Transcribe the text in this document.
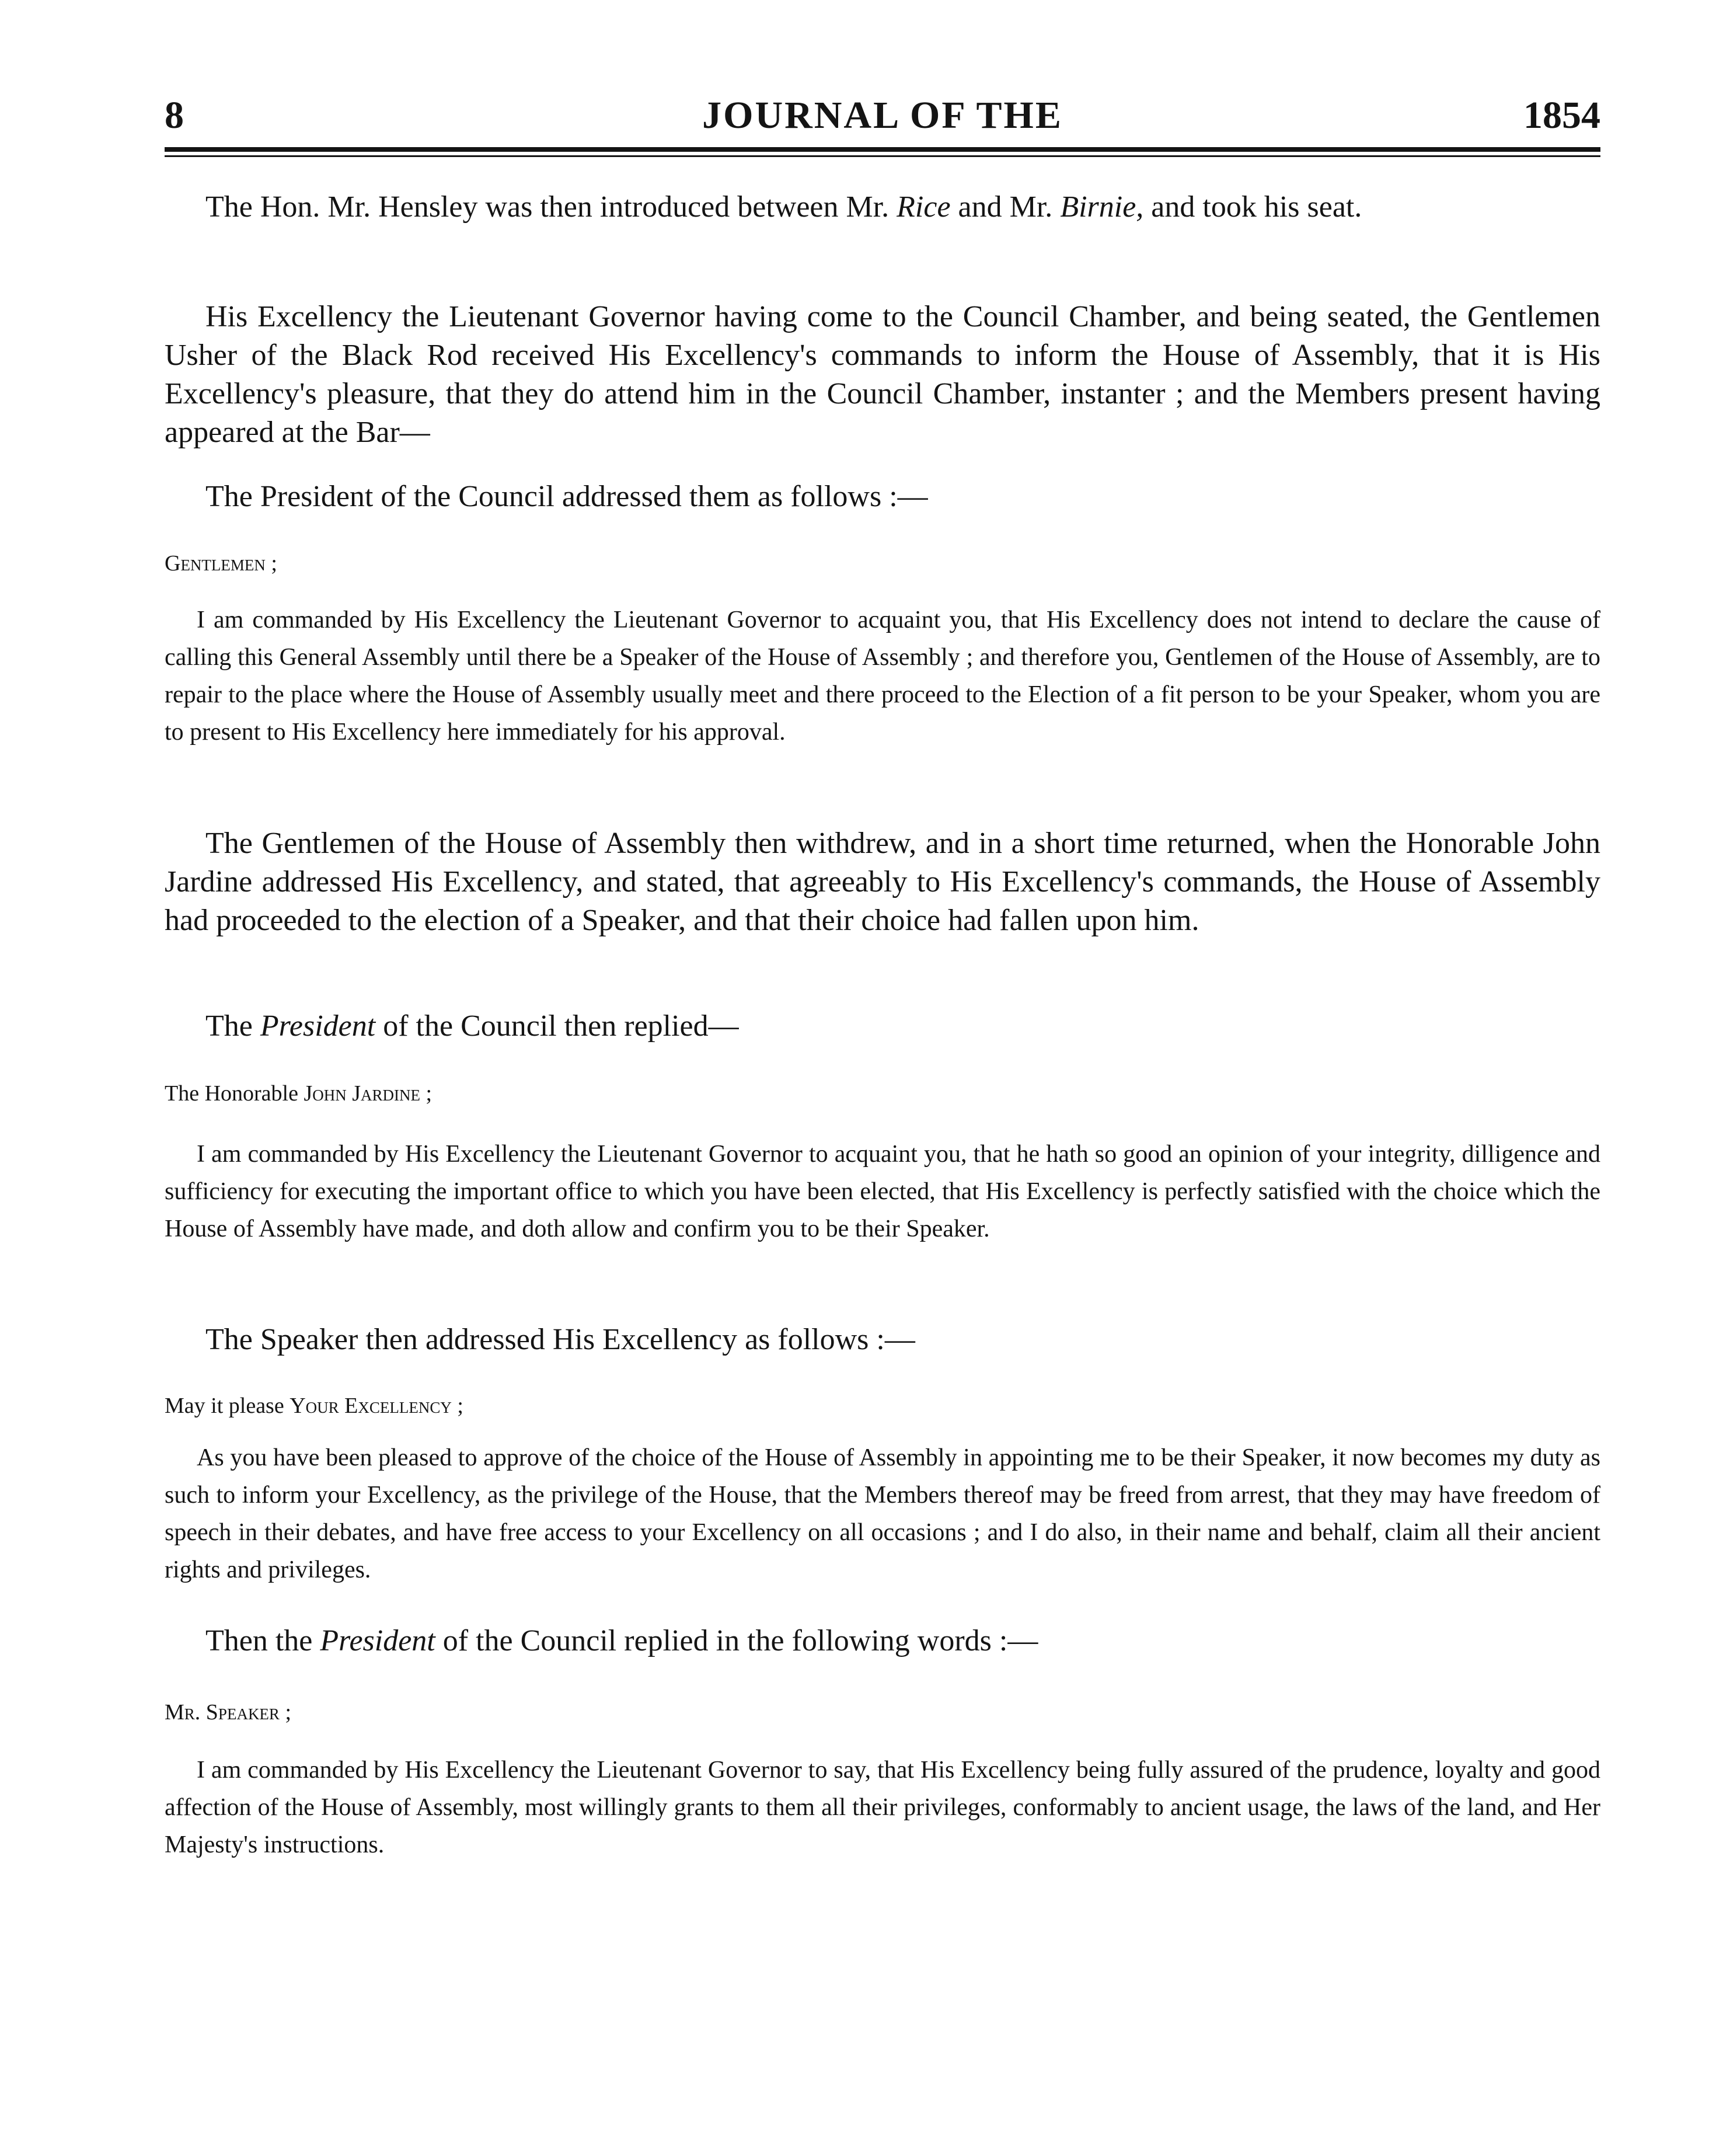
8	JOURNAL OF THE	1854

The Hon. Mr. Hensley was then introduced between Mr. Rice and Mr. Birnie, and took his seat.

His Excellency the Lieutenant Governor having come to the Council Chamber, and being seated, the Gentlemen Usher of the Black Rod received His Excellency's commands to inform the House of Assembly, that it is His Excellency's pleasure, that they do attend him in the Council Chamber, instanter ; and the Members present having appeared at the Bar—

The President of the Council addressed them as follows :—

Gentlemen ;

I am commanded by His Excellency the Lieutenant Governor to acquaint you, that His Excellency does not intend to declare the cause of calling this General Assembly until there be a Speaker of the House of Assembly ; and therefore you, Gentlemen of the House of Assembly, are to repair to the place where the House of Assembly usually meet and there proceed to the Election of a fit person to be your Speaker, whom you are to present to His Excellency here immediately for his approval.

The Gentlemen of the House of Assembly then withdrew, and in a short time returned, when the Honorable John Jardine addressed His Excellency, and stated, that agreeably to His Excellency's commands, the House of Assembly had proceeded to the election of a Speaker, and that their choice had fallen upon him.

The President of the Council then replied—

The Honorable John Jardine ;

I am commanded by His Excellency the Lieutenant Governor to acquaint you, that he hath so good an opinion of your integrity, dilligence and sufficiency for executing the important office to which you have been elected, that His Excellency is perfectly satisfied with the choice which the House of Assembly have made, and doth allow and confirm you to be their Speaker.

The Speaker then addressed His Excellency as follows :—

May it please Your Excellency ;

As you have been pleased to approve of the choice of the House of Assembly in appointing me to be their Speaker, it now becomes my duty as such to inform your Excellency, as the privilege of the House, that the Members thereof may be freed from arrest, that they may have freedom of speech in their debates, and have free access to your Excellency on all occasions ; and I do also, in their name and behalf, claim all their ancient rights and privileges.

Then the President of the Council replied in the following words :—

Mr. Speaker ;

I am commanded by His Excellency the Lieutenant Governor to say, that His Excellency being fully assured of the prudence, loyalty and good affection of the House of Assembly, most willingly grants to them all their privileges, conformably to ancient usage, the laws of the land, and Her Majesty's instructions.
